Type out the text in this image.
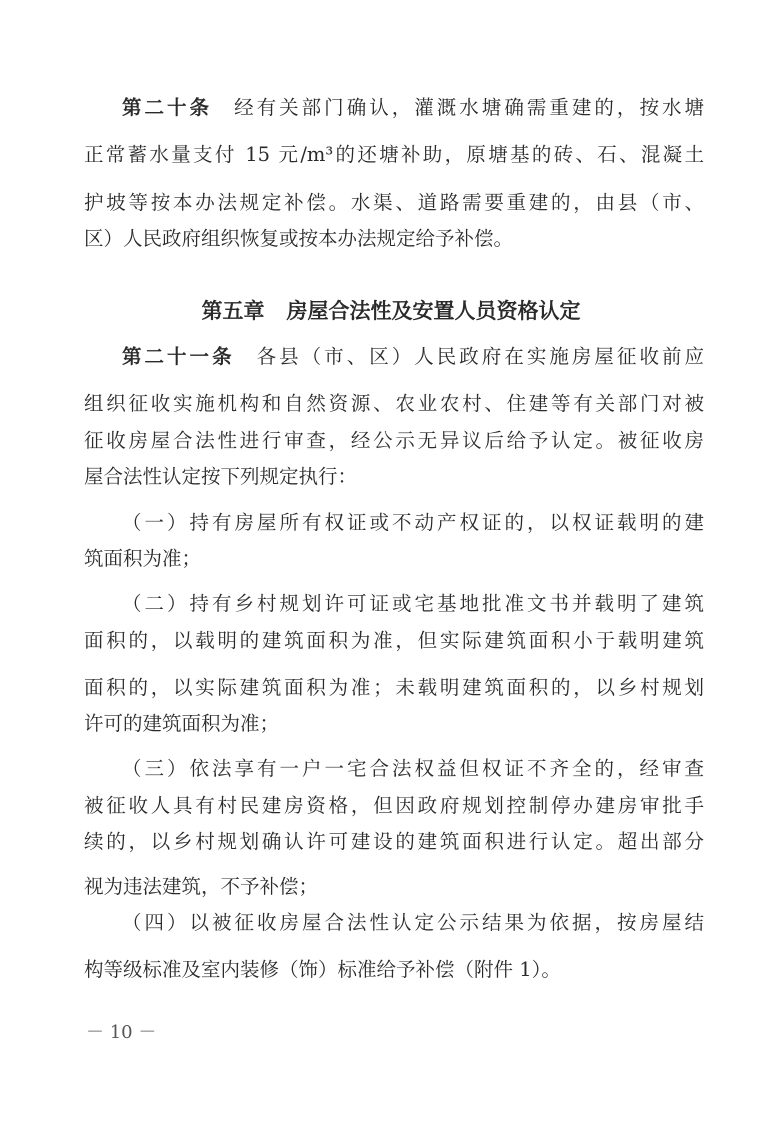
第二十条 经有关部门确认，灌溉水塘确需重建的，按水塘
正常蓄水量支付 15 元/m³的还塘补助，原塘基的砖、石、混凝土
护坡等按本办法规定补偿。水渠、道路需要重建的，由县（市、
区）人民政府组织恢复或按本办法规定给予补偿。
第五章 房屋合法性及安置人员资格认定
第二十一条 各县（市、区）人民政府在实施房屋征收前应
组织征收实施机构和自然资源、农业农村、住建等有关部门对被
征收房屋合法性进行审查，经公示无异议后给予认定。被征收房
屋合法性认定按下列规定执行：
（一）持有房屋所有权证或不动产权证的，以权证载明的建
筑面积为准；
（二）持有乡村规划许可证或宅基地批准文书并载明了建筑
面积的，以载明的建筑面积为准，但实际建筑面积小于载明建筑
面积的，以实际建筑面积为准；未载明建筑面积的，以乡村规划
许可的建筑面积为准；
（三）依法享有一户一宅合法权益但权证不齐全的，经审查
被征收人具有村民建房资格，但因政府规划控制停办建房审批手
续的，以乡村规划确认许可建设的建筑面积进行认定。超出部分
视为违法建筑，不予补偿；
（四）以被征收房屋合法性认定公示结果为依据，按房屋结
构等级标准及室内装修（饰）标准给予补偿（附件 1）。
－ 10 －
